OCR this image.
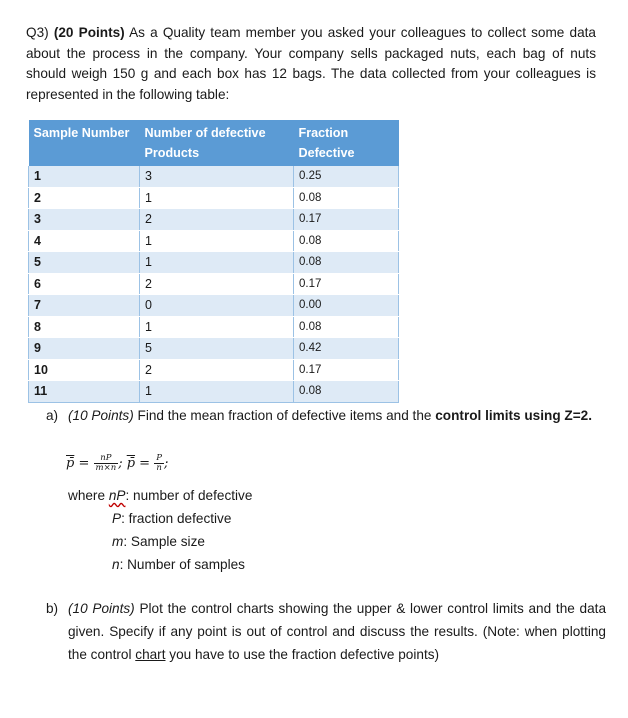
Q3) (20 Points) As a Quality team member you asked your colleagues to collect some data about the process in the company. Your company sells packaged nuts, each bag of nuts should weigh 150 g and each box has 12 bags. The data collected from your colleagues is represented in the following table:
Sample Number	Number of defective Products	Fraction Defective
1	3	0.25
2	1	0.08
3	2	0.17
4	1	0.08
5	1	0.08
6	2	0.17
7	0	0.00
8	1	0.08
9	5	0.42
10	2	0.17
11	1	0.08
a) (10 Points) Find the mean fraction of defective items and the control limits using Z=2.
p̄ = $\frac{nP}{m\times n}$ ; p̄ = $\frac{P}{n}$ ;
where nP: number of defective
P: fraction defective
m: Sample size
n: Number of samples
b) (10 Points) Plot the control charts showing the upper & lower control limits and the data given. Specify if any point is out of control and discuss the results. (Note: when plotting the control chart you have to use the fraction defective points)
